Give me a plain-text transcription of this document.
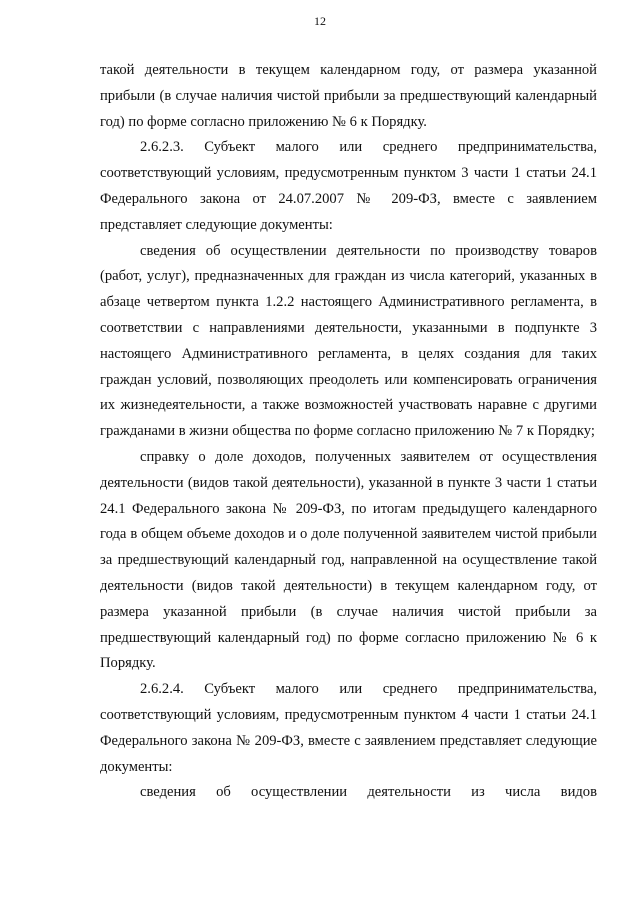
12

такой деятельности в текущем календарном году, от размера указанной прибыли (в случае наличия чистой прибыли за предшествующий календарный год) по форме согласно приложению № 6 к Порядку.

2.6.2.3. Субъект малого или среднего предпринимательства, соответствующий условиям, предусмотренным пунктом 3 части 1 статьи 24.1 Федерального закона от 24.07.2007 № 209-ФЗ, вместе с заявлением представляет следующие документы:

сведения об осуществлении деятельности по производству товаров (работ, услуг), предназначенных для граждан из числа категорий, указанных в абзаце четвертом пункта 1.2.2 настоящего Административного регламента, в соответствии с направлениями деятельности, указанными в подпункте 3 настоящего Административного регламента, в целях создания для таких граждан условий, позволяющих преодолеть или компенсировать ограничения их жизнедеятельности, а также возможностей участвовать наравне с другими гражданами в жизни общества по форме согласно приложению № 7 к Порядку;

справку о доле доходов, полученных заявителем от осуществления деятельности (видов такой деятельности), указанной в пункте 3 части 1 статьи 24.1 Федерального закона № 209-ФЗ, по итогам предыдущего календарного года в общем объеме доходов и о доле полученной заявителем чистой прибыли за предшествующий календарный год, направленной на осуществление такой деятельности (видов такой деятельности) в текущем календарном году, от размера указанной прибыли (в случае наличия чистой прибыли за предшествующий календарный год) по форме согласно приложению № 6 к Порядку.

2.6.2.4. Субъект малого или среднего предпринимательства, соответствующий условиям, предусмотренным пунктом 4 части 1 статьи 24.1 Федерального закона № 209-ФЗ, вместе с заявлением представляет следующие документы:

сведения об осуществлении деятельности из числа видов
